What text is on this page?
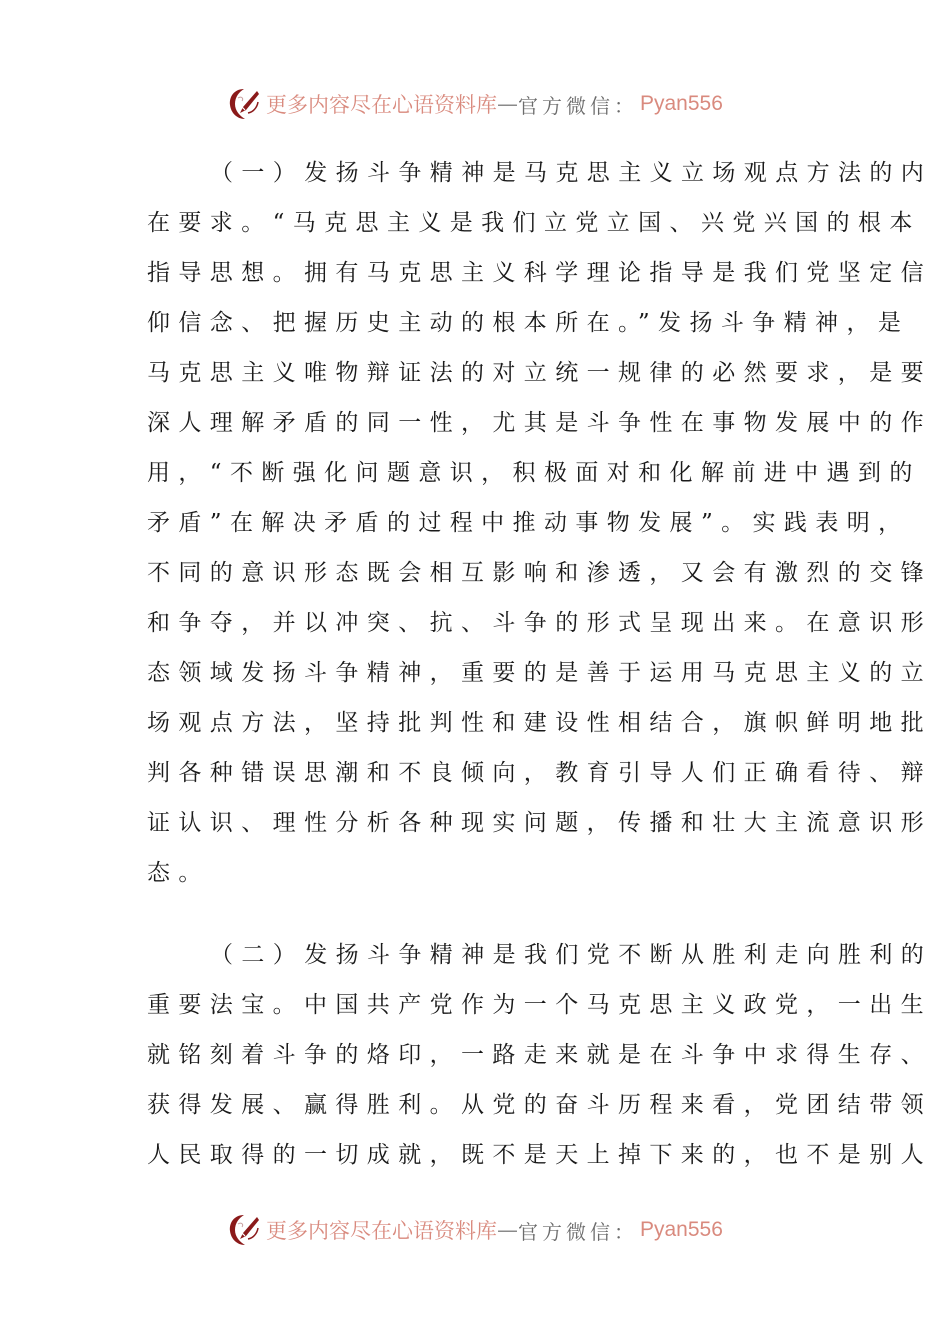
更多内容尽在心语资料库 — 官方微信： Pyan556
（一）发扬斗争精神是马克思主义立场观点方法的内
在要求。“马克思主义是我们立党立国、兴党兴国的根本
指导思想。拥有马克思主义科学理论指导是我们党坚定信
仰信念、把握历史主动的根本所在。”发扬斗争精神，是
马克思主义唯物辩证法的对立统一规律的必然要求，是要
深人理解矛盾的同一性，尤其是斗争性在事物发展中的作
用，“不断强化问题意识，积极面对和化解前进中遇到的
矛盾”在解决矛盾的过程中推动事物发展”。实践表明，
不同的意识形态既会相互影响和渗透，又会有激烈的交锋
和争夺，并以冲突、抗、斗争的形式呈现出来。在意识形
态领域发扬斗争精神，重要的是善于运用马克思主义的立
场观点方法，坚持批判性和建设性相结合，旗帜鲜明地批
判各种错误思潮和不良倾向，教育引导人们正确看待、辩
证认识、理性分析各种现实问题，传播和壮大主流意识形
态。
（二）发扬斗争精神是我们党不断从胜利走向胜利的
重要法宝。中国共产党作为一个马克思主义政党，一出生
就铭刻着斗争的烙印，一路走来就是在斗争中求得生存、
获得发展、赢得胜利。从党的奋斗历程来看，党团结带领
人民取得的一切成就，既不是天上掉下来的，也不是别人
更多内容尽在心语资料库 — 官方微信： Pyan556
